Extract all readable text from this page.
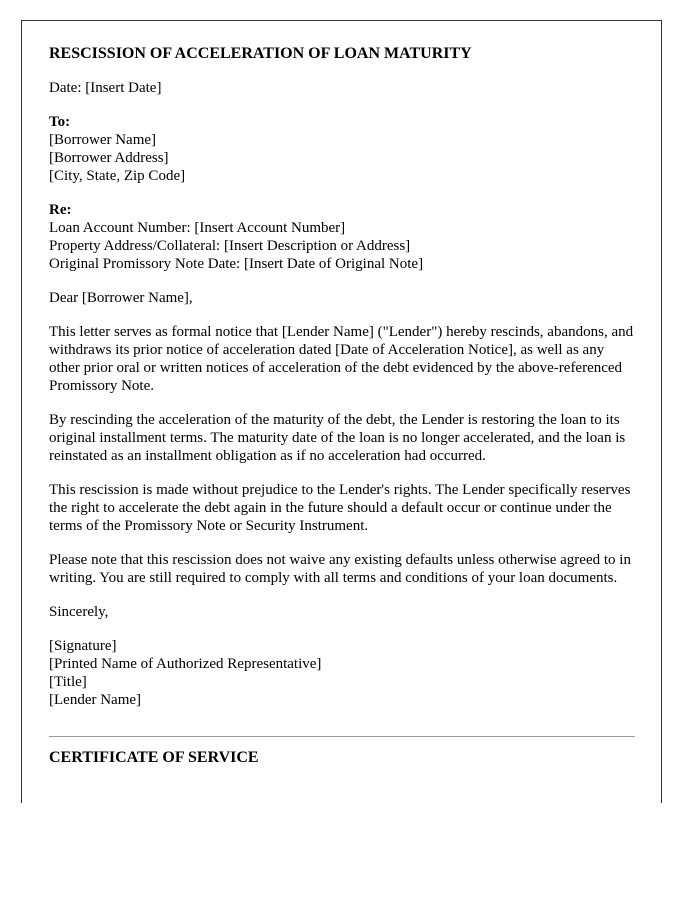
RESCISSION OF ACCELERATION OF LOAN MATURITY

Date: [Insert Date]

To:

[Borrower Name]

[Borrower Address]

[City, State, Zip Code]

Re:

Loan Account Number: [Insert Account Number]

Property Address/Collateral: [Insert Description or Address]

Original Promissory Note Date: [Insert Date of Original Note]

Dear [Borrower Name],

This letter serves as formal notice that [Lender Name] ("Lender") hereby rescinds, abandons, and withdraws its prior notice of acceleration dated [Date of Acceleration Notice], as well as any other prior oral or written notices of acceleration of the debt evidenced by the above-referenced Promissory Note.

By rescinding the acceleration of the maturity of the debt, the Lender is restoring the loan to its original installment terms. The maturity date of the loan is no longer accelerated, and the loan is reinstated as an installment obligation as if no acceleration had occurred.

This rescission is made without prejudice to the Lender's rights. The Lender specifically reserves the right to accelerate the debt again in the future should a default occur or continue under the terms of the Promissory Note or Security Instrument.

Please note that this rescission does not waive any existing defaults unless otherwise agreed to in writing. You are still required to comply with all terms and conditions of your loan documents.

Sincerely,

[Signature]

[Printed Name of Authorized Representative]

[Title]

[Lender Name]

CERTIFICATE OF SERVICE
